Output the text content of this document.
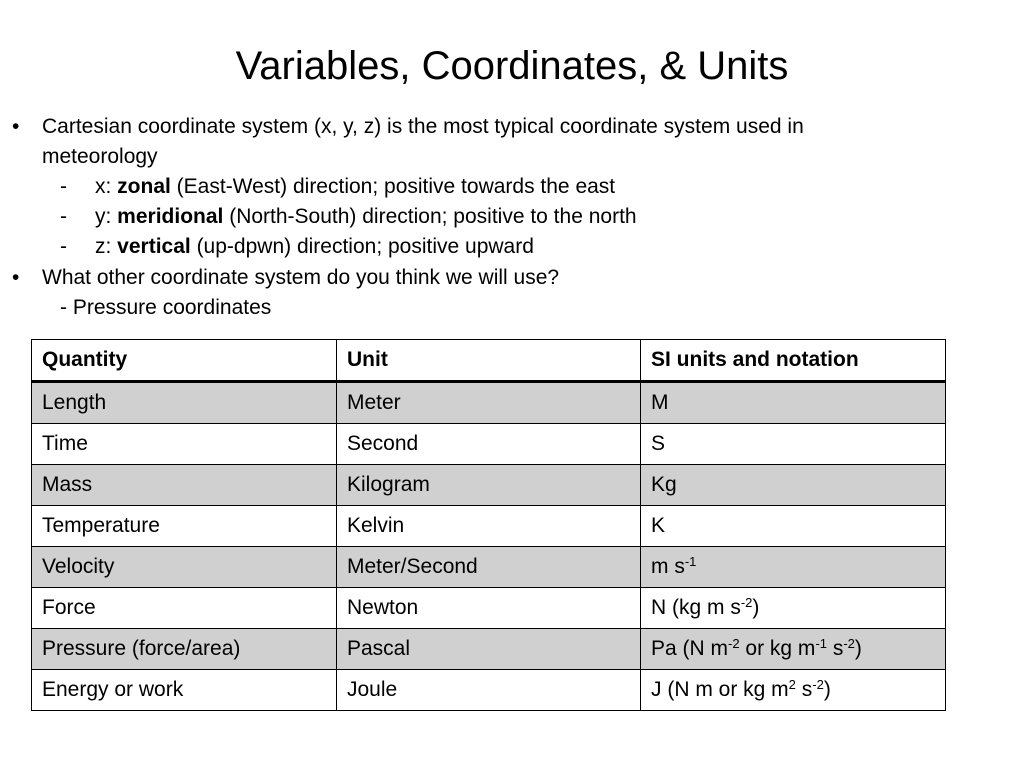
Variables, Coordinates, & Units
• Cartesian coordinate system (x, y, z) is the most typical coordinate system used in
meteorology
- x: zonal (East-West) direction; positive towards the east
- y: meridional (North-South) direction; positive to the north
- z: vertical (up-dpwn) direction; positive upward
• What other coordinate system do you think we will use?
- Pressure coordinates
Quantity	Unit	SI units and notation
Length	Meter	M
Time	Second	S
Mass	Kilogram	Kg
Temperature	Kelvin	K
Velocity	Meter/Second	m $s^{-1}$
Force	Newton	N (kg m $s^{-2}$)
Pressure (force/area)	Pascal	Pa (N $m^{-2}$ or kg $m^{-1}$ $s^{-2}$)
Energy or work	Joule	J (N m or kg $m^2$ $s^{-2}$)
